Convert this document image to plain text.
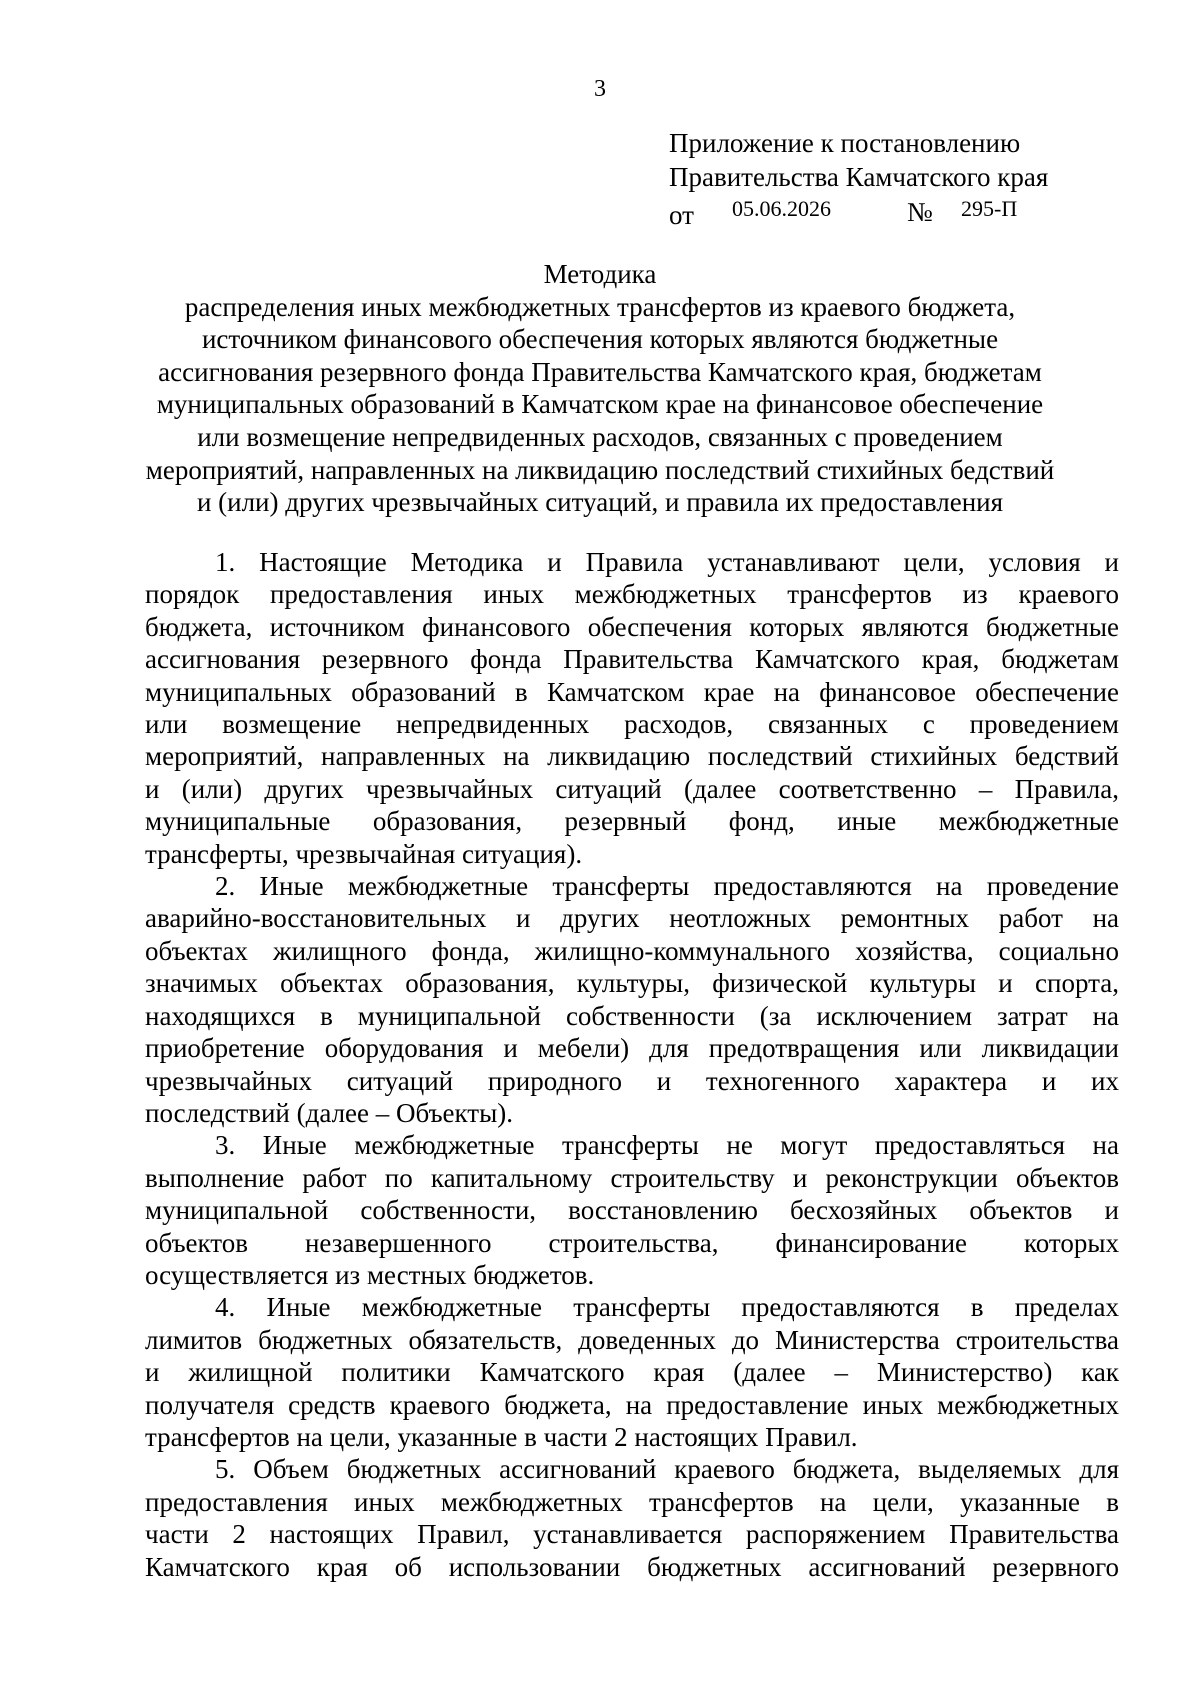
3
Приложение к постановлению
Правительства Камчатского края
от 05.06.2026	№ 295-П
Методика
распределения иных межбюджетных трансфертов из краевого бюджета,
источником финансового обеспечения которых являются бюджетные
ассигнования резервного фонда Правительства Камчатского края, бюджетам
муниципальных образований в Камчатском крае на финансовое обеспечение
или возмещение непредвиденных расходов, связанных с проведением
мероприятий, направленных на ликвидацию последствий стихийных бедствий
и (или) других чрезвычайных ситуаций, и правила их предоставления
1. Настоящие Методика и Правила устанавливают цели, условия и
порядок предоставления иных межбюджетных трансфертов из краевого
бюджета, источником финансового обеспечения которых являются бюджетные
ассигнования резервного фонда Правительства Камчатского края, бюджетам
муниципальных образований в Камчатском крае на финансовое обеспечение
или возмещение непредвиденных расходов, связанных с проведением
мероприятий, направленных на ликвидацию последствий стихийных бедствий
и (или) других чрезвычайных ситуаций (далее соответственно – Правила,
муниципальные образования, резервный фонд, иные межбюджетные
трансферты, чрезвычайная ситуация).
2. Иные межбюджетные трансферты предоставляются на проведение
аварийно-восстановительных и других неотложных ремонтных работ на
объектах жилищного фонда, жилищно-коммунального хозяйства, социально
значимых объектах образования, культуры, физической культуры и спорта,
находящихся в муниципальной собственности (за исключением затрат на
приобретение оборудования и мебели) для предотвращения или ликвидации
чрезвычайных ситуаций природного и техногенного характера и их
последствий (далее – Объекты).
3. Иные межбюджетные трансферты не могут предоставляться на
выполнение работ по капитальному строительству и реконструкции объектов
муниципальной собственности, восстановлению бесхозяйных объектов и
объектов незавершенного строительства, финансирование которых
осуществляется из местных бюджетов.
4. Иные межбюджетные трансферты предоставляются в пределах
лимитов бюджетных обязательств, доведенных до Министерства строительства
и жилищной политики Камчатского края (далее – Министерство) как
получателя средств краевого бюджета, на предоставление иных межбюджетных
трансфертов на цели, указанные в части 2 настоящих Правил.
5. Объем бюджетных ассигнований краевого бюджета, выделяемых для
предоставления иных межбюджетных трансфертов на цели, указанные в
части 2 настоящих Правил, устанавливается распоряжением Правительства
Камчатского края об использовании бюджетных ассигнований резервного
